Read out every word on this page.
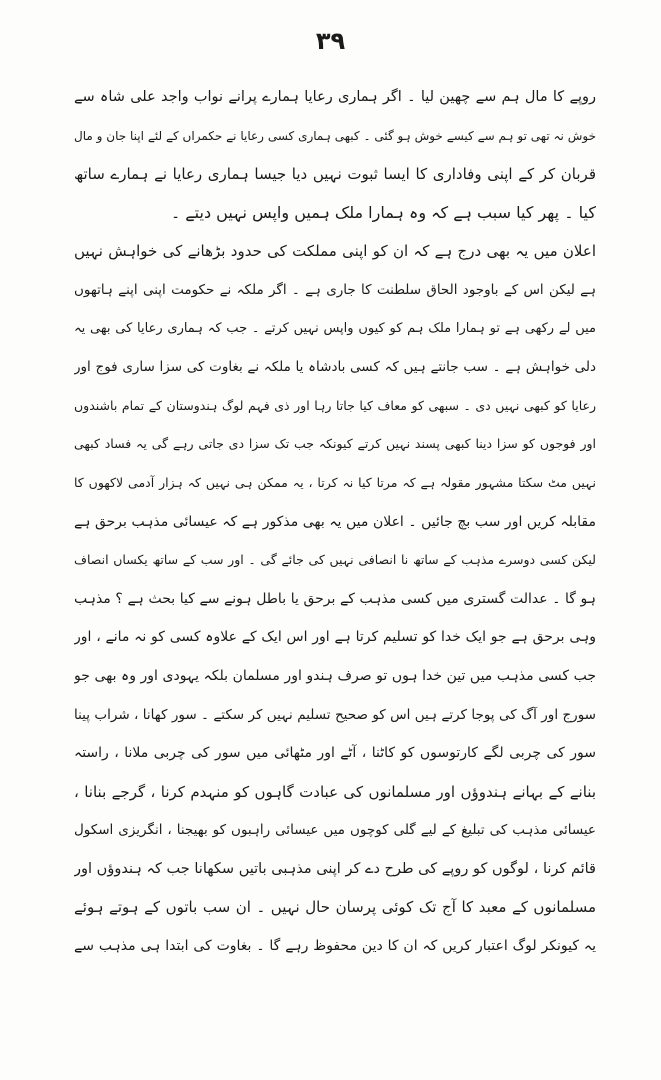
۳۹
روپے کا مال ہم سے چھین لیا ۔ اگر ہماری رعایا ہمارے پرانے نواب واجد علی شاہ سے
خوش نہ تھی تو ہم سے کیسے خوش ہو گئی ۔ کبھی ہماری کسی رعایا نے حکمراں کے لئے اپنا جان و مال
قربان کر کے اپنی وفاداری کا ایسا ثبوت نہیں دیا جیسا ہماری رعایا نے ہمارے ساتھ
کیا ۔ پھر کیا سبب ہے کہ وہ ہمارا ملک ہمیں واپس نہیں دیتے ۔
اعلان میں یہ بھی درج ہے کہ ان کو اپنی مملکت کی حدود بڑھانے کی خواہش نہیں
ہے لیکن اس کے باوجود الحاق سلطنت کا جاری ہے ۔ اگر ملکہ نے حکومت اپنی اپنے ہاتھوں
میں لے رکھی ہے تو ہمارا ملک ہم کو کیوں واپس نہیں کرتے ۔ جب کہ ہماری رعایا کی بھی یہ
دلی خواہش ہے ۔ سب جانتے ہیں کہ کسی بادشاہ یا ملکہ نے بغاوت کی سزا ساری فوج اور
رعایا کو کبھی نہیں دی ۔ سبھی کو معاف کیا جاتا رہا اور ذی فہم لوگ ہندوستان کے تمام باشندوں
اور فوجوں کو سزا دینا کبھی پسند نہیں کرتے کیونکہ جب تک سزا دی جاتی رہے گی یہ فساد کبھی
نہیں مٹ سکتا مشہور مقولہ ہے کہ مرتا کیا نہ کرتا ، یہ ممکن ہی نہیں کہ ہزار آدمی لاکھوں کا
مقابلہ کریں اور سب بچ جائیں ۔ اعلان میں یہ بھی مذکور ہے کہ عیسائی مذہب برحق ہے
لیکن کسی دوسرے مذہب کے ساتھ نا انصافی نہیں کی جائے گی ۔ اور سب کے ساتھ یکساں انصاف
ہو گا ۔ عدالت گستری میں کسی مذہب کے برحق یا باطل ہونے سے کیا بحث ہے ؟ مذہب
وہی برحق ہے جو ایک خدا کو تسلیم کرتا ہے اور اس ایک کے علاوہ کسی کو نہ مانے ، اور
جب کسی مذہب میں تین خدا ہوں تو صرف ہندو اور مسلمان بلکہ یہودی اور وہ بھی جو
سورج اور آگ کی پوجا کرتے ہیں اس کو صحیح تسلیم نہیں کر سکتے ۔ سور کھانا ، شراب پینا
سور کی چربی لگے کارتوسوں کو کاٹنا ، آٹے اور مٹھائی میں سور کی چربی ملانا ، راستہ
بنانے کے بہانے ہندوؤں اور مسلمانوں کی عبادت گاہوں کو منہدم کرنا ، گرجے بنانا ،
عیسائی مذہب کی تبلیغ کے لیے گلی کوچوں میں عیسائی راہبوں کو بھیجنا ، انگریزی اسکول
قائم کرنا ، لوگوں کو روپے کی طرح دے کر اپنی مذہبی باتیں سکھانا جب کہ ہندوؤں اور
مسلمانوں کے معبد کا آج تک کوئی پرسان حال نہیں ۔ ان سب باتوں کے ہوتے ہوئے
یہ کیونکر لوگ اعتبار کریں کہ ان کا دین محفوظ رہے گا ۔ بغاوت کی ابتدا ہی مذہب سے
